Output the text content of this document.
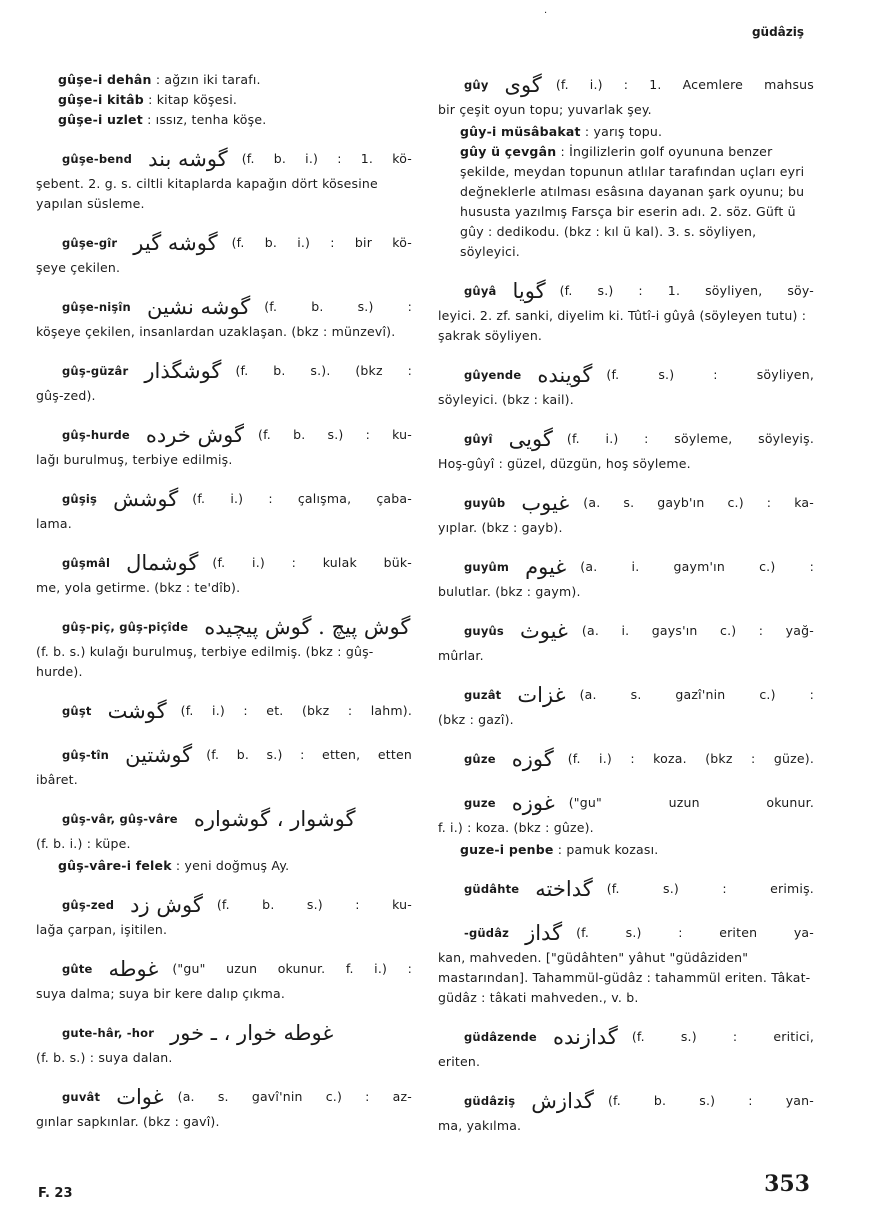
·
güdâziş
gûşe-i dehân : ağzın iki tarafı.
gûşe-i kitâb : kitap köşesi.
gûşe-i uzlet : ıssız, tenha köşe.
gûşe-bend گوشه بند	(f. b. i.) : 1. kö-
şebent. 2. g. s. ciltli kitaplarda kapağın dört kösesine yapılan süsleme.
gûşe-gîr گوشه گیر	(f. b. i.) : bir kö-
şeye çekilen.
gûşe-nişîn گوشه نشین	(f. b. s.) :
köşeye çekilen, insanlardan uzaklaşan. (bkz : münzevî).
gûş-güzâr گوشگذار	(f. b. s.). (bkz :
gûş-zed).
gûş-hurde گوش خرده	(f. b. s.) : ku-
lağı burulmuş, terbiye edilmiş.
gûşiş گوشش	(f. i.) : çalışma, çaba-
lama.
gûşmâl گوشمال	(f. i.) : kulak bük-
me, yola getirme. (bkz : te'dîb).
gûş-piç, gûş-piçîde گوش پیچ . گوش پیچیده
(f. b. s.) kulağı burulmuş, terbiye edilmiş. (bkz : gûş-hurde).
gûşt گوشت	(f. i.) : et. (bkz : lahm).
gûş-tîn گوشتین	(f. b. s.) : etten, etten
ibâret.
gûş-vâr, gûş-vâre گوشوار ، گوشواره
(f. b. i.) : küpe.
gûş-vâre-i felek : yeni doğmuş Ay.
gûş-zed گوش زد	(f. b. s.) : ku-
lağa çarpan, işitilen.
gûte غوطه	("gu" uzun okunur. f. i.) :
suya dalma; suya bir kere dalıp çıkma.
gute-hâr, -hor غوطه خوار ، ـ خور
(f. b. s.) : suya dalan.
guvât غوات	(a. s. gavî'nin c.) : az-
gınlar sapkınlar. (bkz : gavî).
gûy گوی	(f. i.) : 1. Acemlere mahsus
bir çeşit oyun topu; yuvarlak şey.
gûy-i müsâbakat : yarış topu.
gûy ü çevgân : İngilizlerin golf oyununa benzer şekilde, meydan topunun atlılar tarafından uçları eyri değneklerle atılması esâsına dayanan şark oyunu; bu hususta yazılmış Farsça bir eserin adı. 2. söz. Güft ü gûy : dedikodu. (bkz : kıl ü kal). 3. s. söyliyen, söyleyici.
gûyâ گویا	(f. s.) : 1. söyliyen, söy-
leyici. 2. zf. sanki, diyelim ki. Tûtî-i gûyâ (söyleyen tutu) : şakrak söyliyen.
gûyende گوینده	(f. s.) : söyliyen,
söyleyici. (bkz : kail).
gûyî گویی	(f. i.) : söyleme, söyleyiş.
Hoş-gûyî : güzel, düzgün, hoş söyleme.
guyûb غیوب	(a. s. gayb'ın c.) : ka-
yıplar. (bkz : gayb).
guyûm غیوم	(a. i. gaym'ın c.) :
bulutlar. (bkz : gaym).
guyûs غیوث	(a. i. gays'ın c.) : yağ-
mûrlar.
guzât غزات	(a. s. gazî'nin c.) :
(bkz : gazî).
gûze گوزه	(f. i.) : koza. (bkz : güze).
guze غوزه	("gu" uzun okunur.
f. i.) : koza. (bkz : gûze).
guze-i penbe : pamuk kozası.
güdâhte گداخته	(f. s.) : erimiş.
-güdâz گداز	(f. s.) : eriten ya-
kan, mahveden. ["güdâhten" yâhut "güdâziden" mastarından]. Tahammül-güdâz : tahammül eriten. Tâkat-güdâz : tâkati mahveden., v. b.
güdâzende گدازنده	(f. s.) : eritici,
eriten.
güdâziş گدازش	(f. b. s.) : yan-
ma, yakılma.
F. 23	353
